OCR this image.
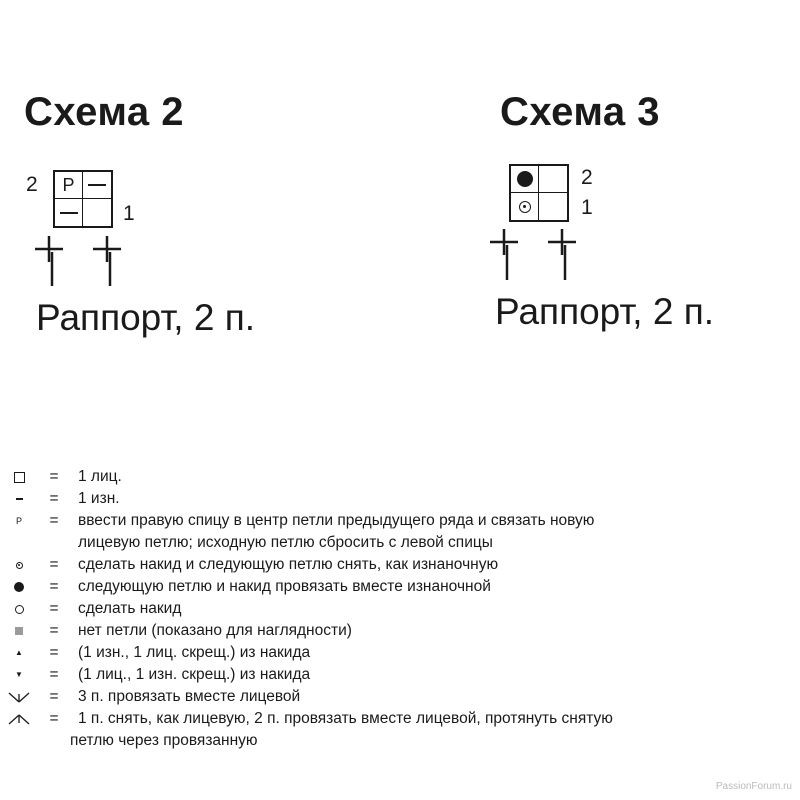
Схема 2
2 P
1
Раппорт, 2 п.
Схема 3
2
1
Раппорт, 2 п.
=	1 лиц.
=	1 изн.
P	=	ввести правую спицу в центр петли предыдущего ряда и связать новую
лицевую петлю; исходную петлю сбросить с левой спицы
=	сделать накид и следующую петлю снять, как изнаночную
=	следующую петлю и накид провязать вместе изнаночной
=	сделать накид
=	нет петли (показано для наглядности)
▲	=	(1 изн., 1 лиц. скрещ.) из накида
▼	=	(1 лиц., 1 изн. скрещ.) из накида
=	3 п. провязать вместе лицевой
=	1 п. снять, как лицевую, 2 п. провязать вместе лицевой, протянуть снятую
петлю через провязанную
PassionForum.ru
